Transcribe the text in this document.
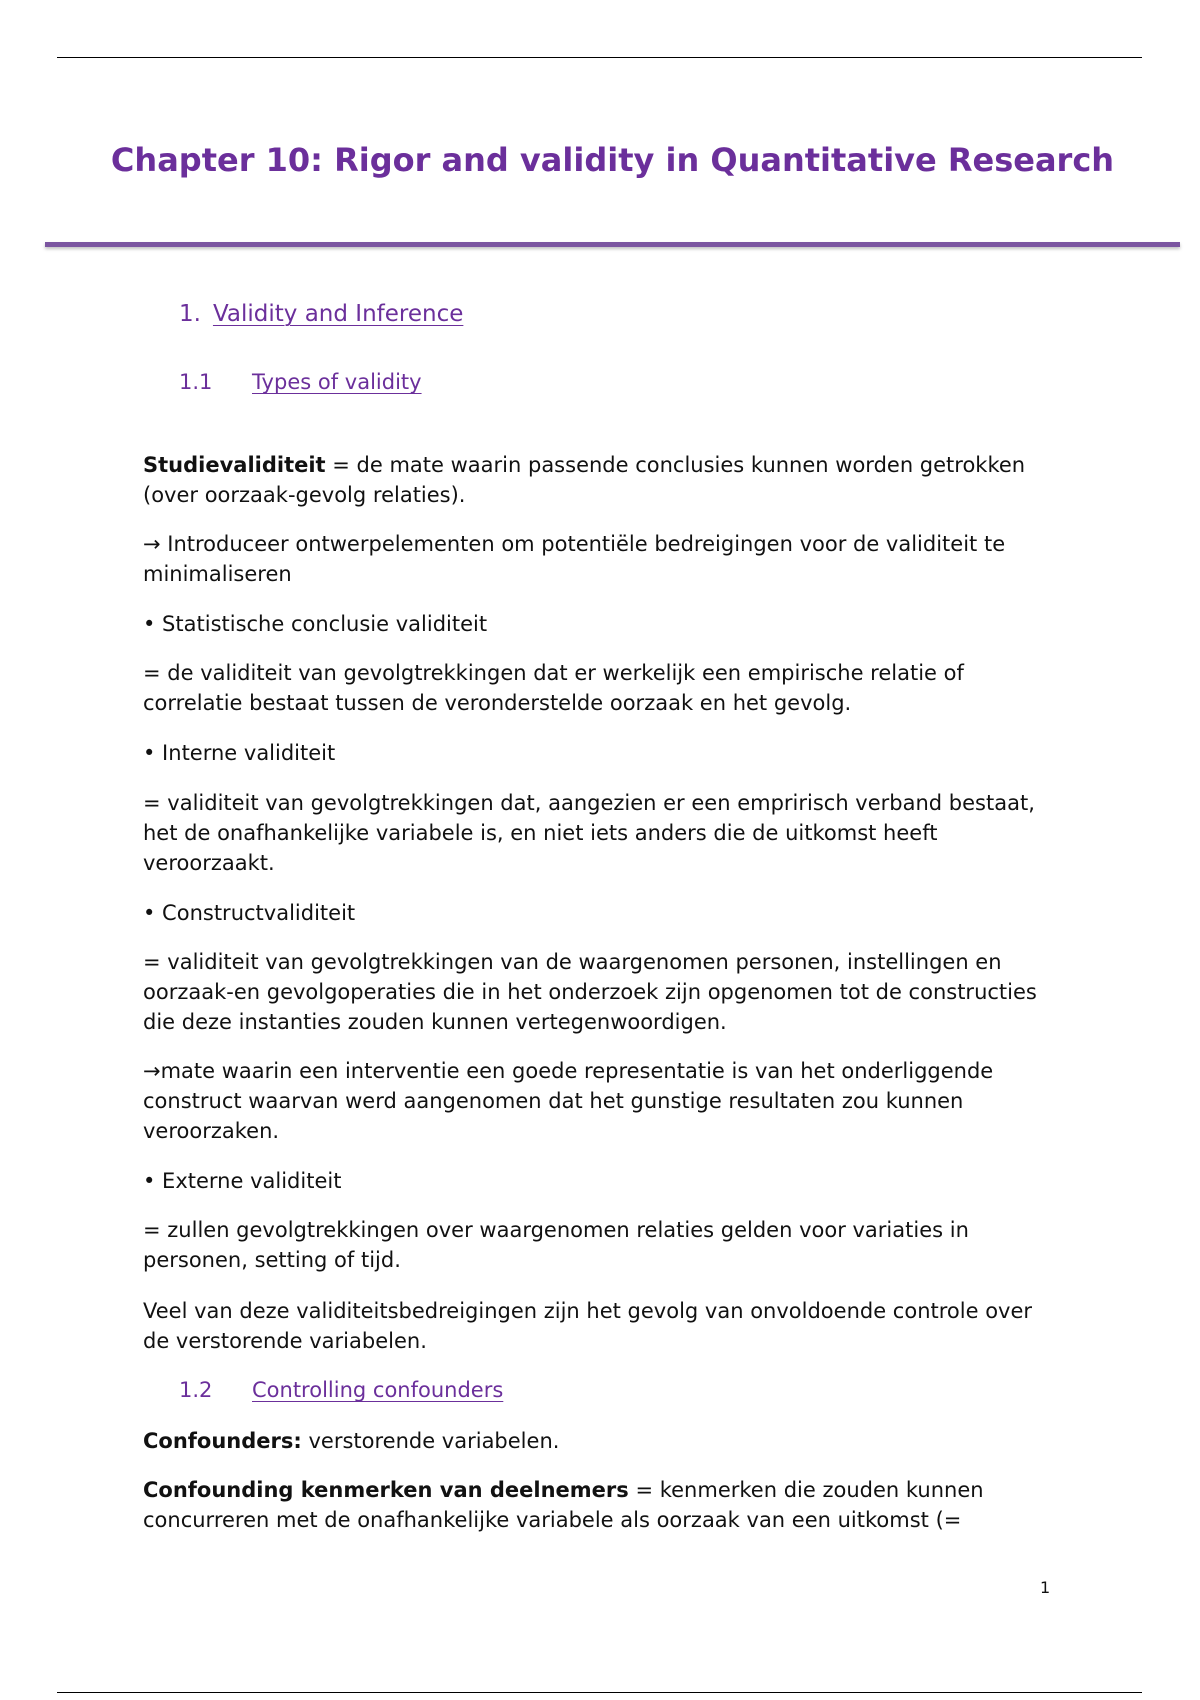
Chapter 10: Rigor and validity in Quantitative Research
1. Validity and Inference
1.1 Types of validity

Studievaliditeit = de mate waarin passende conclusies kunnen worden getrokken (over oorzaak-gevolg relaties).

→ Introduceer ontwerpelementen om potentiële bedreigingen voor de validiteit te minimaliseren

• Statistische conclusie validiteit

= de validiteit van gevolgtrekkingen dat er werkelijk een empirische relatie of correlatie bestaat tussen de veronderstelde oorzaak en het gevolg.

• Interne validiteit

= validiteit van gevolgtrekkingen dat, aangezien er een empririsch verband bestaat, het de onafhankelijke variabele is, en niet iets anders die de uitkomst heeft veroorzaakt.

• Constructvaliditeit

= validiteit van gevolgtrekkingen van de waargenomen personen, instellingen en oorzaak-en gevolgoperaties die in het onderzoek zijn opgenomen tot de constructies die deze instanties zouden kunnen vertegenwoordigen.

→mate waarin een interventie een goede representatie is van het onderliggende construct waarvan werd aangenomen dat het gunstige resultaten zou kunnen veroorzaken.

• Externe validiteit

= zullen gevolgtrekkingen over waargenomen relaties gelden voor variaties in personen, setting of tijd.

Veel van deze validiteitsbedreigingen zijn het gevolg van onvoldoende controle over de verstorende variabelen.

1.2 Controlling confounders

Confounders: verstorende variabelen.

Confounding kenmerken van deelnemers = kenmerken die zouden kunnen concurreren met de onafhankelijke variabele als oorzaak van een uitkomst (=

1
